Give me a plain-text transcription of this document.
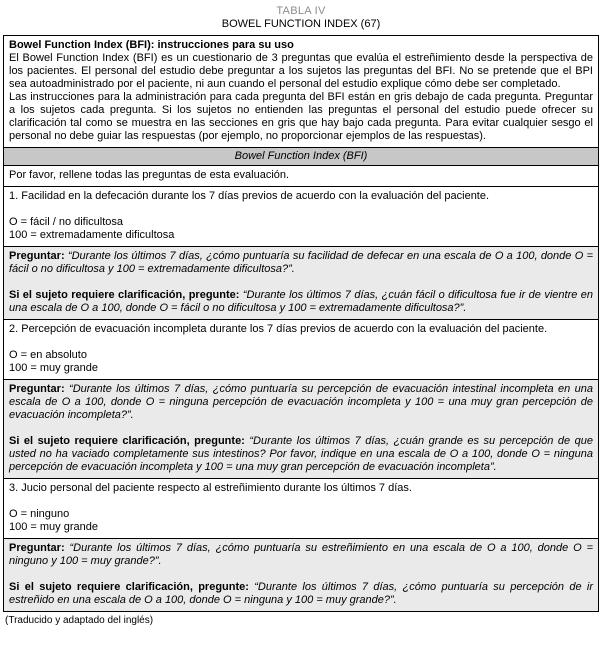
TABLA IV
BOWEL FUNCTION INDEX (67)

Bowel Function Index (BFI): instrucciones para su uso

El Bowel Function Index (BFI) es un cuestionario de 3 preguntas que evalúa el estreñimiento desde la perspectiva de los pacientes. El personal del estudio debe preguntar a los sujetos las preguntas del BFI. No se pretende que el BPI sea autoadministrado por el paciente, ni aun cuando el personal del estudio explique cómo debe ser completado.

Las instrucciones para la administración para cada pregunta del BFI están en gris debajo de cada pregunta. Preguntar a los sujetos cada pregunta. Si los sujetos no entienden las preguntas el personal del estudio puede ofrecer su clarificación tal como se muestra en las secciones en gris que hay bajo cada pregunta. Para evitar cualquier sesgo el personal no debe guiar las respuestas (por ejemplo, no proporcionar ejemplos de las respuestas).

Bowel Function Index (BFI)

Por favor, rellene todas las preguntas de esta evaluación.

1. Facilidad en la defecación durante los 7 días previos de acuerdo con la evaluación del paciente.

O = fácil / no dificultosa

100 = extremadamente dificultosa

Preguntar: “Durante los últimos 7 días, ¿cómo puntuaría su facilidad de defecar en una escala de O a 100, donde O = fácil o no dificultosa y 100 = extremadamente dificultosa?”.

Si el sujeto requiere clarificación, pregunte: “Durante los últimos 7 días, ¿cuán fácil o dificultosa fue ir de vientre en una escala de O a 100, donde O = fácil o no dificultosa y 100 = extremadamente dificultosa?”.

2. Percepción de evacuación incompleta durante los 7 días previos de acuerdo con la evaluación del paciente.

O = en absoluto

100 = muy grande

Preguntar: “Durante los últimos 7 días, ¿cómo puntuaría su percepción de evacuación intestinal incompleta en una escala de O a 100, donde O = ninguna percepción de evacuación incompleta y 100 = una muy gran percepción de evacuación incompleta?”.

Si el sujeto requiere clarificación, pregunte: “Durante los últimos 7 días, ¿cuán grande es su percepción de que usted no ha vaciado completamente sus intestinos? Por favor, indique en una escala de O a 100, donde O = ninguna percepción de evacuación incompleta y 100 = una muy gran percepción de evacuación incompleta”.

3. Jucio personal del paciente respecto al estreñimiento durante los últimos 7 días.

O = ninguno

100 = muy grande

Preguntar: “Durante los últimos 7 días, ¿cómo puntuaría su estreñimiento en una escala de O a 100, donde O = ninguno y 100 = muy grande?”.

Si el sujeto requiere clarificación, pregunte: “Durante los últimos 7 días, ¿cómo puntuaría su percepción de ir estreñido en una escala de O a 100, donde O = ninguna y 100 = muy grande?”.

(Traducido y adaptado del inglés)
